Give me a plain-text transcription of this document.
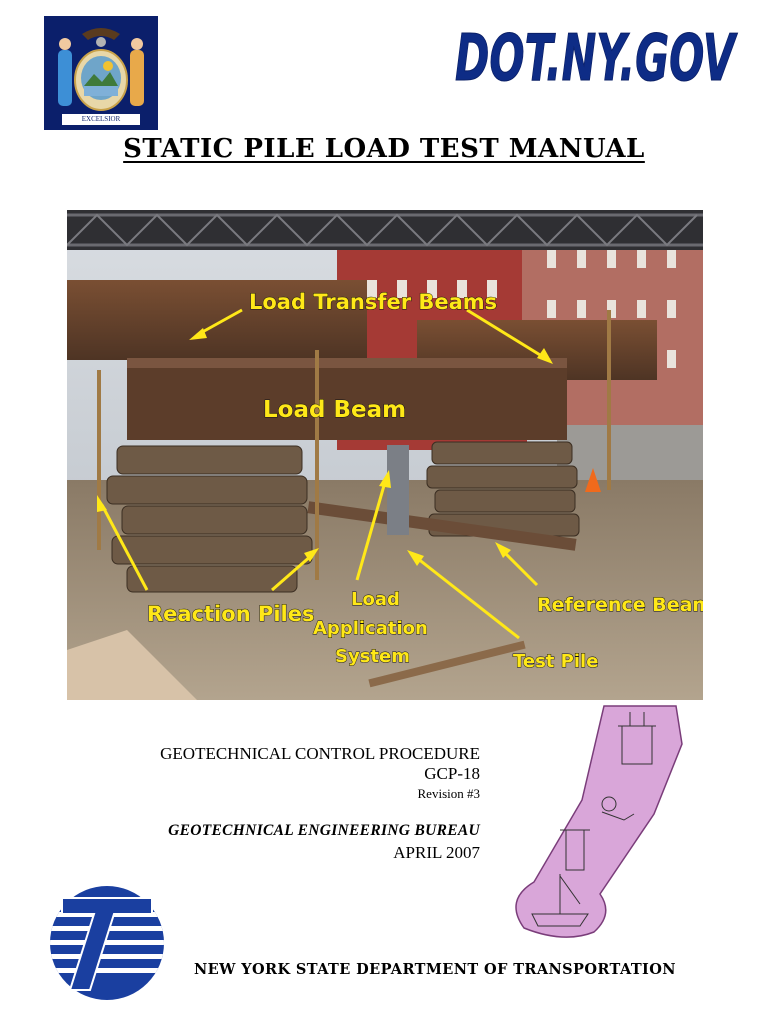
EXCELSIOR
DOT.NY.GOV
STATIC PILE LOAD TEST MANUAL
Load Transfer Beams
Load Beam
Reaction Piles
Load
Application
System
Reference Beam
Test Pile
GEOTECHNICAL CONTROL PROCEDURE
GCP-18
Revision #3
GEOTECHNICAL ENGINEERING BUREAU
APRIL 2007
NEW YORK STATE DEPARTMENT OF TRANSPORTATION
